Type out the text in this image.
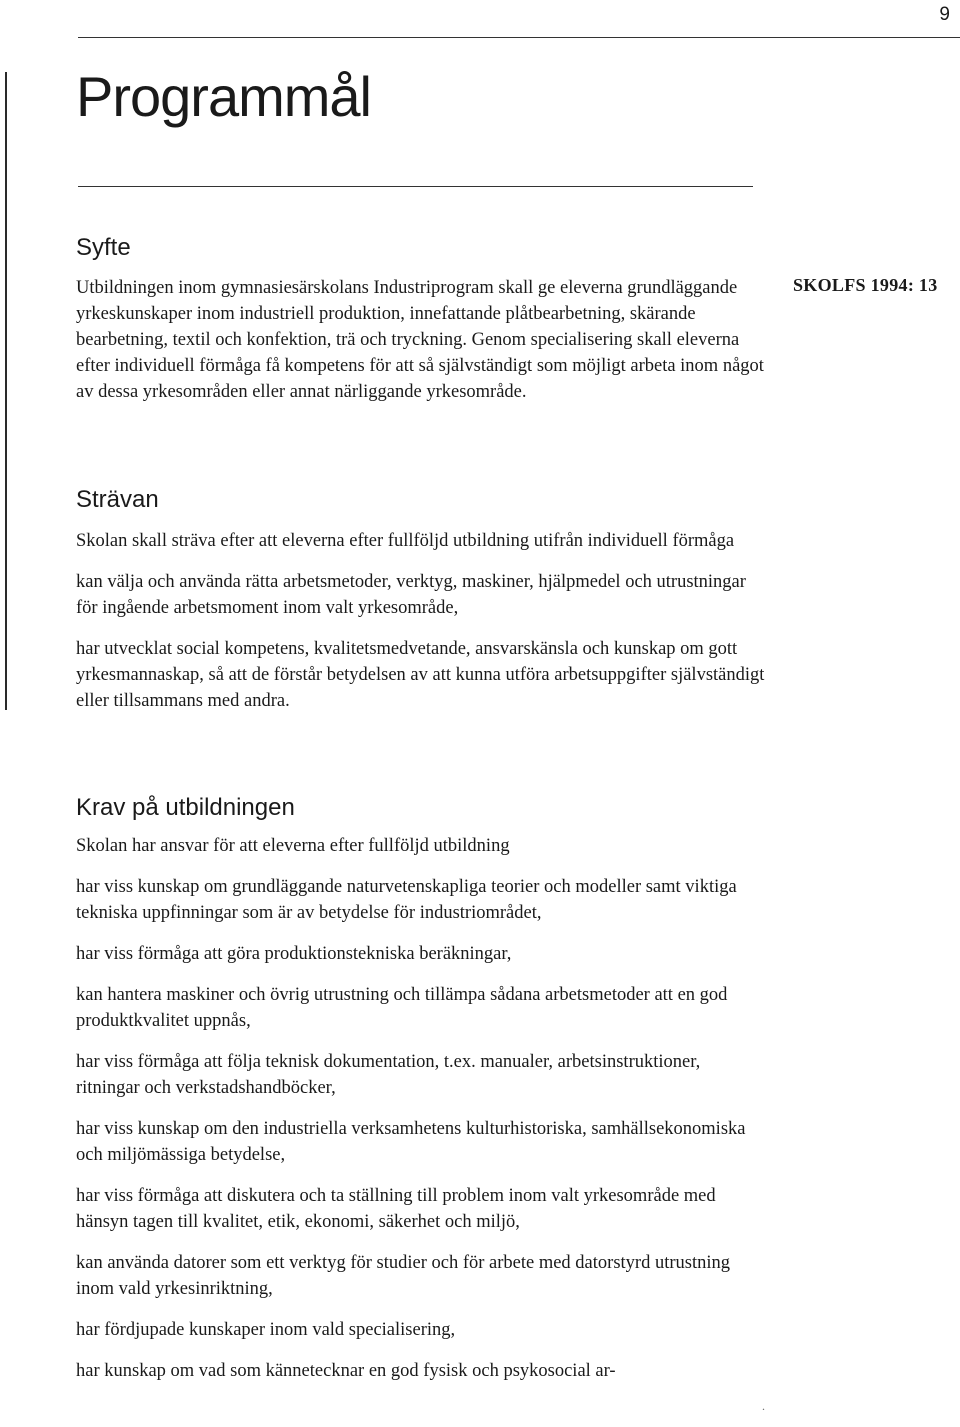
9
Programmål
SKOLFS 1994: 13
Syfte

Utbildningen inom gymnasiesärskolans Industriprogram skall ge eleverna grundläggande yrkeskunskaper inom industriell produktion, innefattande plåtbearbetning, skärande bearbetning, textil och konfektion, trä och tryckning. Genom specialisering skall eleverna efter individuell förmåga få kompetens för att så självständigt som möjligt arbeta inom något av dessa yrkesområden eller annat närliggande yrkesområde.

Strävan

Skolan skall sträva efter att eleverna efter fullföljd utbildning utifrån individuell förmåga

kan välja och använda rätta arbetsmetoder, verktyg, maskiner, hjälpmedel och utrustningar för ingående arbetsmoment inom valt yrkesområde,

har utvecklat social kompetens, kvalitetsmedvetande, ansvarskänsla och kunskap om gott yrkesmannaskap, så att de förstår betydelsen av att kunna utföra arbetsuppgifter självständigt eller tillsammans med andra.

Krav på utbildningen

Skolan har ansvar för att eleverna efter fullföljd utbildning

har viss kunskap om grundläggande naturvetenskapliga teorier och modeller samt viktiga tekniska uppfinningar som är av betydelse för industriområdet,

har viss förmåga att göra produktionstekniska beräkningar,

kan hantera maskiner och övrig utrustning och tillämpa sådana arbetsmetoder att en god produktkvalitet uppnås,

har viss förmåga att följa teknisk dokumentation, t.ex. manualer, arbetsinstruktioner, ritningar och verkstadshandböcker,

har viss kunskap om den industriella verksamhetens kulturhistoriska, samhällsekonomiska och miljömässiga betydelse,

har viss förmåga att diskutera och ta ställning till problem inom valt yrkesområde med hänsyn tagen till kvalitet, etik, ekonomi, säkerhet och miljö,

kan använda datorer som ett verktyg för studier och för arbete med datorstyrd utrustning inom vald yrkesinriktning,

har fördjupade kunskaper inom vald specialisering,

har kunskap om vad som kännetecknar en god fysisk och psykosocial ar-

.
